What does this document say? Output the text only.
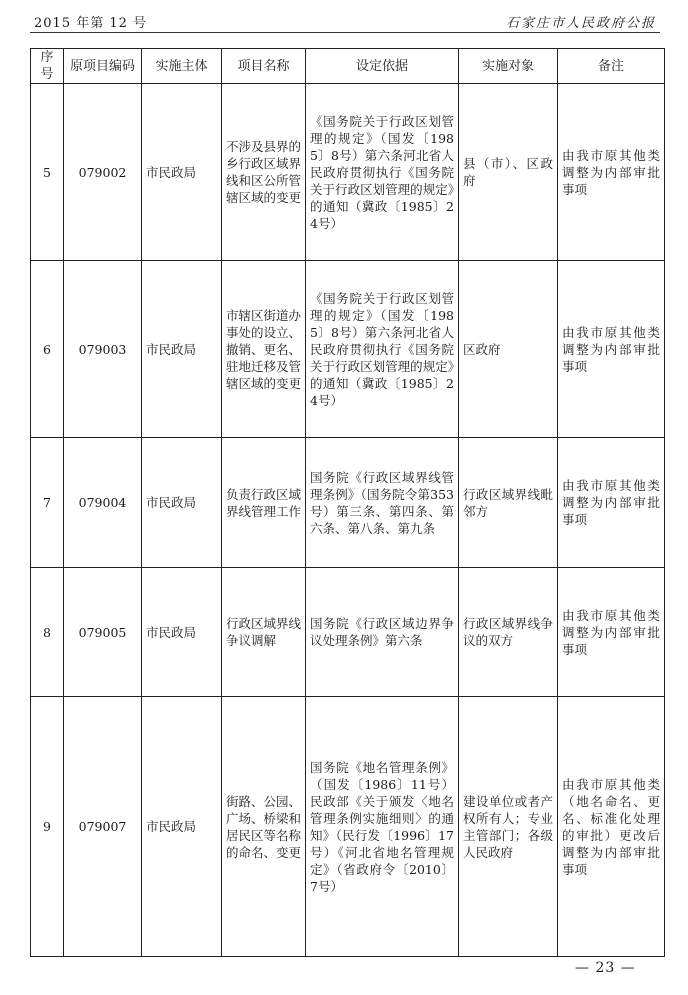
2015 年第 12 号	石家庄市人民政府公报
序号	原项目编码	实施主体	项目名称	设定依据	实施对象	备注
5	079002	市民政局	不涉及县界的乡行政区域界线和区公所管辖区域的变更	《国务院关于行政区划管理的规定》（国发〔1985〕8号）第六条河北省人民政府贯彻执行《国务院关于行政区划管理的规定》的通知（冀政〔1985〕24号）	县（市）、区政府	由我市原其他类调整为内部审批事项
6	079003	市民政局	市辖区街道办事处的设立、撤销、更名、驻地迁移及管辖区域的变更	《国务院关于行政区划管理的规定》（国发〔1985〕8号）第六条河北省人民政府贯彻执行《国务院关于行政区划管理的规定》的通知（冀政〔1985〕24号）	区政府	由我市原其他类调整为内部审批事项
7	079004	市民政局	负责行政区域界线管理工作	国务院《行政区域界线管理条例》（国务院令第353号）第三条、第四条、第六条、第八条、第九条	行政区域界线毗邻方	由我市原其他类调整为内部审批事项
8	079005	市民政局	行政区域界线争议调解	国务院《行政区域边界争议处理条例》第六条	行政区域界线争议的双方	由我市原其他类调整为内部审批事项
9	079007	市民政局	街路、公园、广场、桥梁和居民区等名称的命名、变更	国务院《地名管理条例》（国发〔1986〕11号）民政部《关于颁发〈地名管理条例实施细则〉的通知》（民行发〔1996〕17号）《河北省地名管理规定》（省政府令〔2010〕7号）	建设单位或者产权所有人；专业主管部门；各级人民政府	由我市原其他类（地名命名、更名、标准化处理的审批）更改后调整为内部审批事项
— 23 —
